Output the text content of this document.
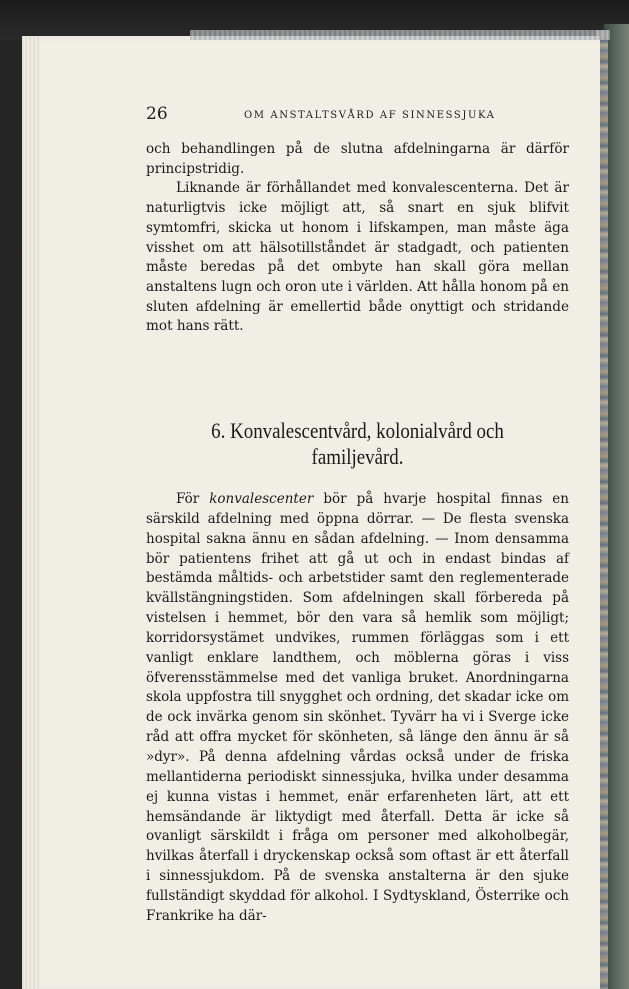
26	OM ANSTALTSVÅRD AF SINNESSJUKA

och behandlingen på de slutna afdelningarna är därför principstridig.

Liknande är förhållandet med konvalescenterna. Det är naturligtvis icke möjligt att, så snart en sjuk blifvit symtomfri, skicka ut honom i lifskampen, man måste äga visshet om att hälsotillståndet är stadgadt, och patienten måste beredas på det ombyte han skall göra mellan anstaltens lugn och oron ute i världen. Att hålla honom på en sluten afdelning är emellertid både onyttigt och stridande mot hans rätt.

6. Konvalescentvård, kolonialvård och
familjevård.

För konvalescenter bör på hvarje hospital finnas en särskild afdelning med öppna dörrar. — De flesta svenska hospital sakna ännu en sådan afdelning. — Inom densamma bör patientens frihet att gå ut och in endast bindas af bestämda måltids- och arbetstider samt den reglementerade kvällstängningstiden. Som afdelningen skall förbereda på vistelsen i hemmet, bör den vara så hemlik som möjligt; korridorsystämet undvikes, rummen förläggas som i ett vanligt enklare landthem, och möblerna göras i viss öfverensstämmelse med det vanliga bruket. Anordningarna skola uppfostra till snygghet och ordning, det skadar icke om de ock invärka genom sin skönhet. Tyvärr ha vi i Sverge icke råd att offra mycket för skönheten, så länge den ännu är så »dyr». På denna afdelning vårdas också under de friska mellantiderna periodiskt sinnessjuka, hvilka under desamma ej kunna vistas i hemmet, enär erfarenheten lärt, att ett hemsändande är liktydigt med återfall. Detta är icke så ovanligt särskildt i fråga om personer med alkoholbegär, hvilkas återfall i dryckenskap också som oftast är ett återfall i sinnessjukdom. På de svenska anstalterna är den sjuke fullständigt skyddad för alkohol. I Sydtyskland, Österrike och Frankrike ha där-
